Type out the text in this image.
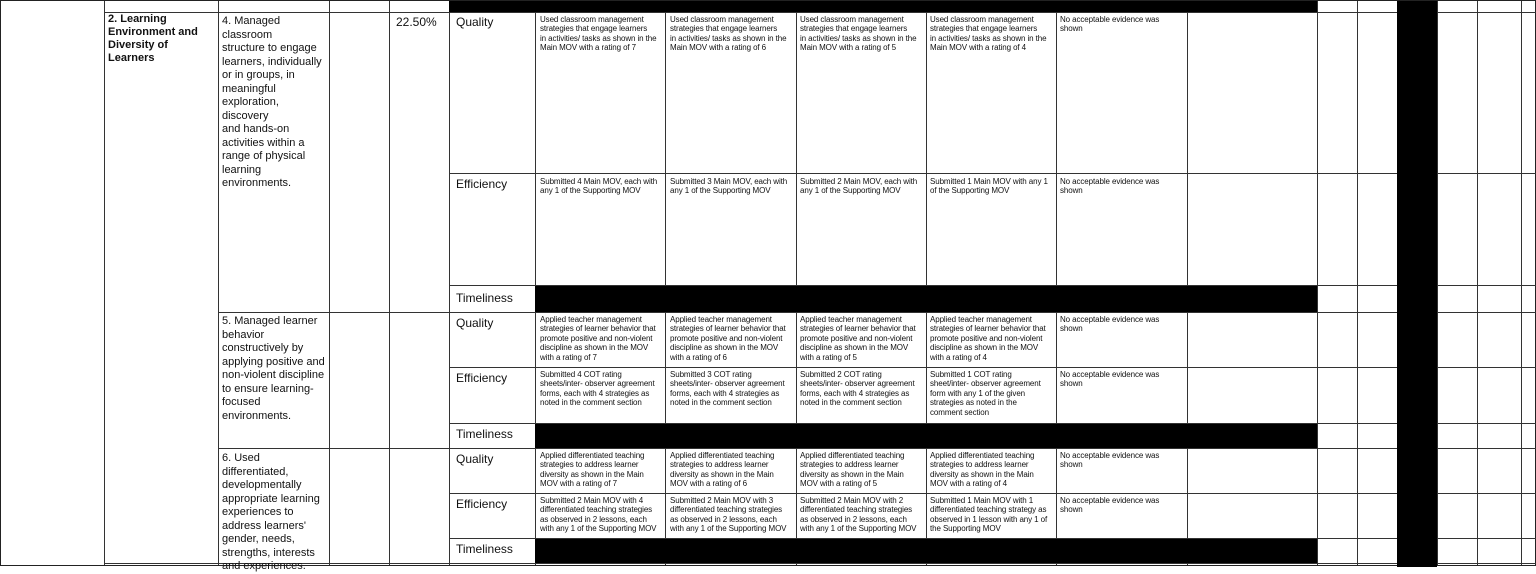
2. Learning
Environment and
Diversity of Learners
22.50%
4. Managed classroom
structure to engage
learners, individually
or in groups, in
meaningful
exploration, discovery
and hands-on
activities within a
range of physical
learning
environments.
5. Managed learner
behavior
constructively by
applying positive and
non-violent discipline
to ensure learning-
focused environments.
6. Used differentiated,
developmentally
appropriate learning
experiences to
address learners'
gender, needs,
strengths, interests
and experiences.
Quality
Efficiency
Timeliness
Quality
Efficiency
Timeliness
Quality
Efficiency
Timeliness
Used classroom management
strategies that engage learners
in activities/ tasks as shown in the
Main MOV with a rating of 7
Used classroom management
strategies that engage learners
in activities/ tasks as shown in the
Main MOV with a rating of 6
Used classroom management
strategies that engage learners
in activities/ tasks as shown in the
Main MOV with a rating of 5
Used classroom management
strategies that engage learners
in activities/ tasks as shown in the
Main MOV with a rating of 4
No acceptable evidence was
shown
Submitted 4 Main MOV, each with
any 1 of the Supporting MOV
Submitted 3 Main MOV, each with
any 1 of the Supporting MOV
Submitted 2 Main MOV, each with
any 1 of the Supporting MOV
Submitted 1 Main MOV with any 1
of the Supporting MOV
No acceptable evidence was
shown
Applied teacher management
strategies of learner behavior that
promote positive and non-violent
discipline as shown in the MOV
with a rating of 7
Applied teacher management
strategies of learner behavior that
promote positive and non-violent
discipline as shown in the MOV
with a rating of 6
Applied teacher management
strategies of learner behavior that
promote positive and non-violent
discipline as shown in the MOV
with a rating of 5
Applied teacher management
strategies of learner behavior that
promote positive and non-violent
discipline as shown in the MOV
with a rating of 4
No acceptable evidence was
shown
Submitted 4 COT rating
sheets/inter- observer agreement
forms, each with 4 strategies as
noted in the comment section
Submitted 3 COT rating
sheets/inter- observer agreement
forms, each with 4 strategies as
noted in the comment section
Submitted 2 COT rating
sheets/inter- observer agreement
forms, each with 4 strategies as
noted in the comment section
Submitted 1 COT rating
sheet/inter- observer agreement
form with any 1 of the given
strategies as noted in the
comment section
No acceptable evidence was
shown
Applied differentiated teaching
strategies to address learner
diversity as shown in the Main
MOV with a rating of 7
Applied differentiated teaching
strategies to address learner
diversity as shown in the Main
MOV with a rating of 6
Applied differentiated teaching
strategies to address learner
diversity as shown in the Main
MOV with a rating of 5
Applied differentiated teaching
strategies to address learner
diversity as shown in the Main
MOV with a rating of 4
No acceptable evidence was
shown
Submitted 2 Main MOV with 4
differentiated teaching strategies
as observed in 2 lessons, each
with any 1 of the Supporting MOV
Submitted 2 Main MOV with 3
differentiated teaching strategies
as observed in 2 lessons, each
with any 1 of the Supporting MOV
Submitted 2 Main MOV with 2
differentiated teaching strategies
as observed in 2 lessons, each
with any 1 of the Supporting MOV
Submitted 1 Main MOV with 1
differentiated teaching strategy as
observed in 1 lesson with any 1 of
the Supporting MOV
No acceptable evidence was
shown
